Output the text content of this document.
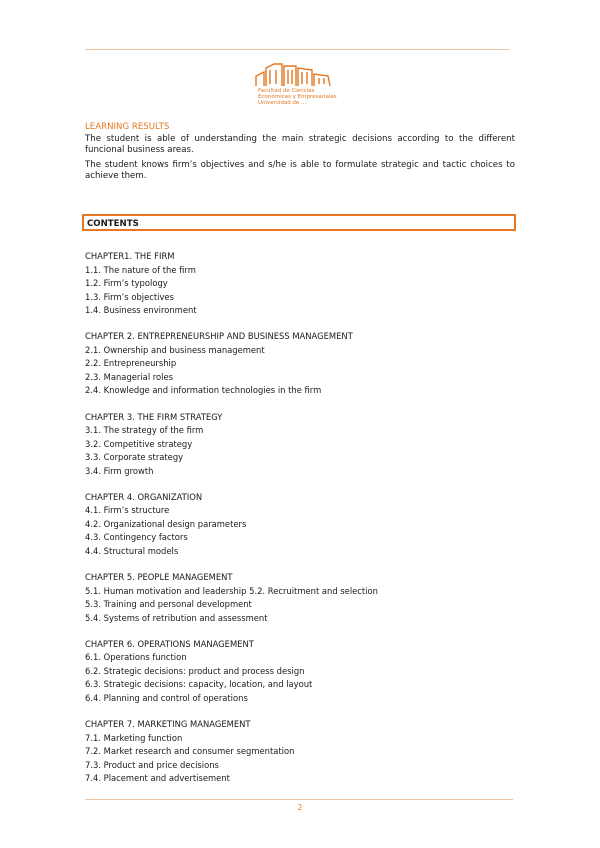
Facultad de Ciencias
Económicas y Empresariales
Universidad de ...
LEARNING RESULTS
The student is able of understanding the main strategic decisions according to the different funcional business areas.
The student knows firm’s objectives and s/he is able to formulate strategic and tactic choices to achieve them.
CONTENTS
CHAPTER1. THE FIRM
1.1. The nature of the firm
1.2. Firm’s typology
1.3. Firm’s objectives
1.4. Business environment
CHAPTER 2. ENTREPRENEURSHIP AND BUSINESS MANAGEMENT
2.1. Ownership and business management
2.2. Entrepreneurship
2.3. Managerial roles
2.4. Knowledge and information technologies in the firm
CHAPTER 3. THE FIRM STRATEGY
3.1. The strategy of the firm
3.2. Competitive strategy
3.3. Corporate strategy
3.4. Firm growth
CHAPTER 4. ORGANIZATION
4.1. Firm’s structure
4.2. Organizational design parameters
4.3. Contingency factors
4.4. Structural models
CHAPTER 5. PEOPLE MANAGEMENT
5.1. Human motivation and leadership 5.2. Recruitment and selection
5.3. Training and personal development
5.4. Systems of retribution and assessment
CHAPTER 6. OPERATIONS MANAGEMENT
6.1. Operations function
6.2. Strategic decisions: product and process design
6.3. Strategic decisions: capacity, location, and layout
6.4. Planning and control of operations
CHAPTER 7. MARKETING MANAGEMENT
7.1. Marketing function
7.2. Market research and consumer segmentation
7.3. Product and price decisions
7.4. Placement and advertisement
2
